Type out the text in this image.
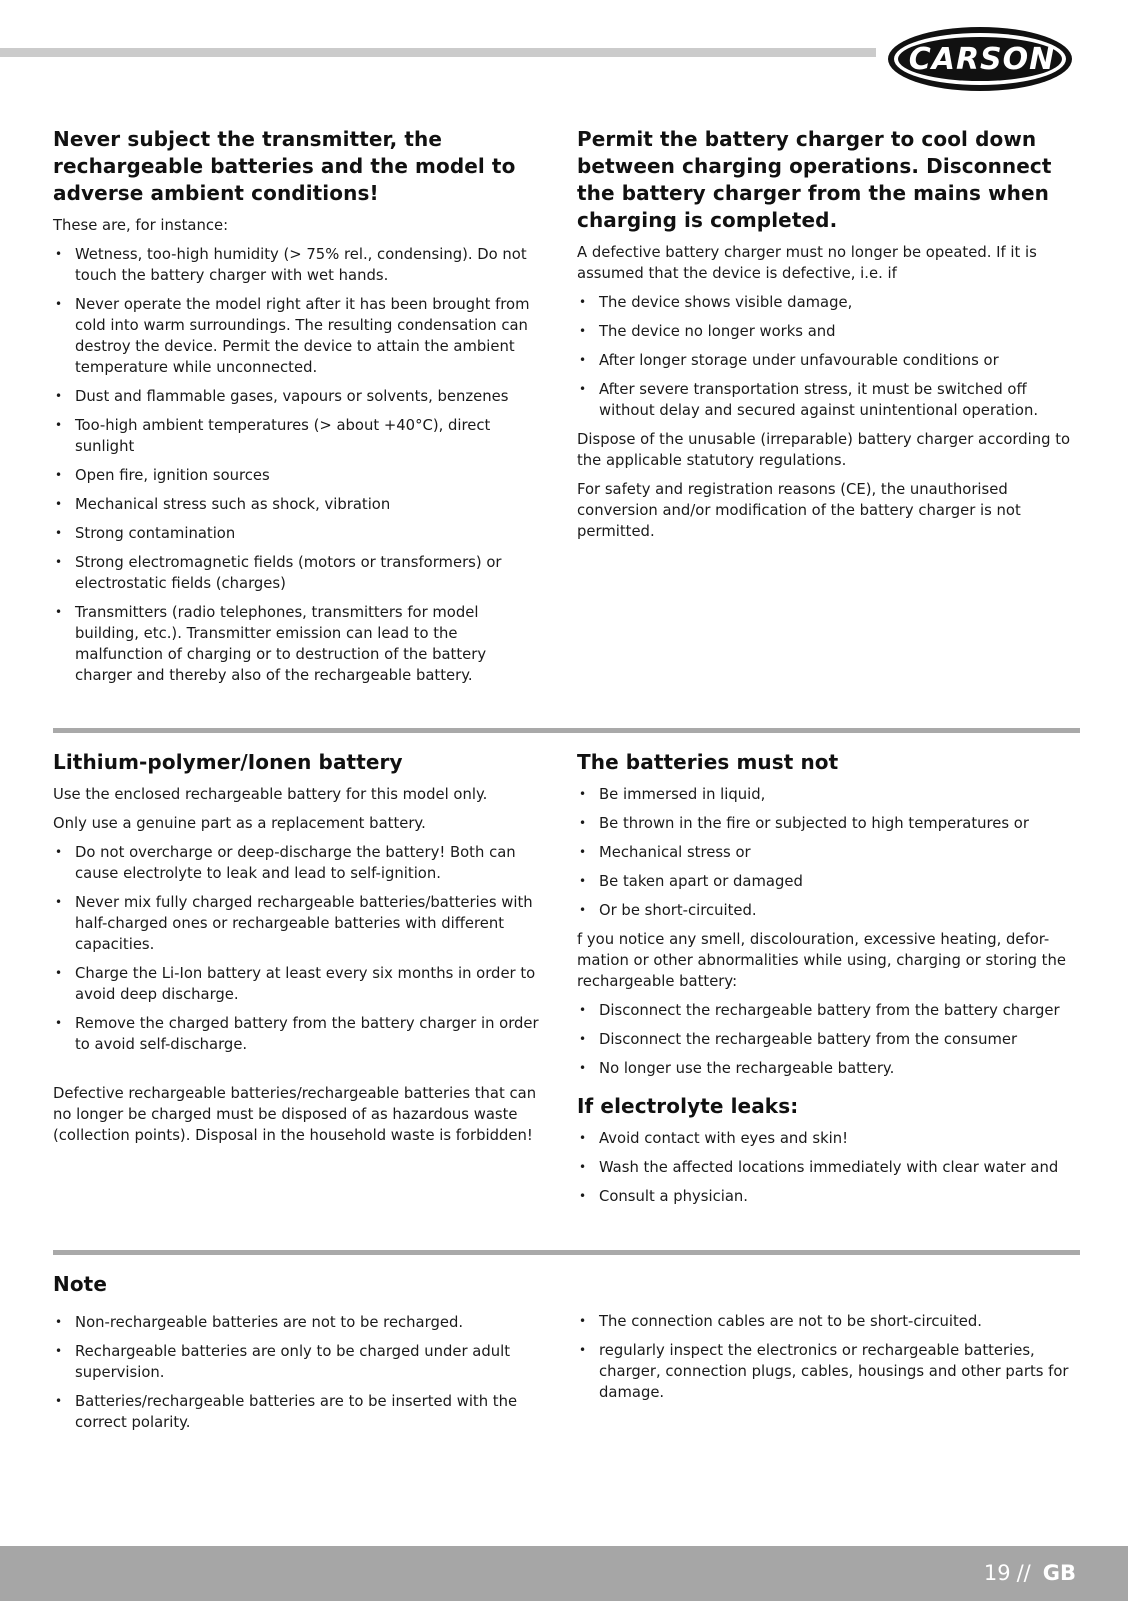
CARSON
Never subject the transmitter, the rechargeable batteries and the model to adverse ambient conditions!

These are, for instance:

• Wetness, too-high humidity (> 75% rel., condensing). Do not touch the battery charger with wet hands.
• Never operate the model right after it has been brought from cold into warm surroundings. The resulting condensation can destroy the device. Permit the device to attain the ambient temperature while unconnected.
• Dust and flammable gases, vapours or solvents, benzenes
• Too-high ambient temperatures (> about +40°C), direct sunlight
• Open fire, ignition sources
• Mechanical stress such as shock, vibration
• Strong contamination
• Strong electromagnetic fields (motors or transformers) or electrostatic fields (charges)
• Transmitters (radio telephones, transmitters for model building, etc.). Transmitter emission can lead to the malfunction of charging or to destruction of the battery charger and thereby also of the rechargeable battery.
Permit the battery charger to cool down between charging operations. Disconnect the battery charger from the mains when charging is completed.

A defective battery charger must no longer be opeated. If it is assumed that the device is defective, i.e. if

• The device shows visible damage,
• The device no longer works and
• After longer storage under unfavourable conditions or
• After severe transportation stress, it must be switched off without delay and secured against unintentional operation.

Dispose of the unusable (irreparable) battery charger according to the applicable statutory regulations.

For safety and registration reasons (CE), the unauthorised conversion and/or modification of the battery charger is not permitted.

Lithium-polymer/Ionen battery

Use the enclosed rechargeable battery for this model only.

Only use a genuine part as a replacement battery.

• Do not overcharge or deep-discharge the battery! Both can cause electrolyte to leak and lead to self-ignition.
• Never mix fully charged rechargeable batteries/batteries with half-charged ones or rechargeable batteries with different capacities.
• Charge the Li-Ion battery at least every six months in order to avoid deep discharge.
• Remove the charged battery from the battery charger in order to avoid self-discharge.

Defective rechargeable batteries/rechargeable batteries that can no longer be charged must be disposed of as hazardous waste (collection points). Disposal in the household waste is forbidden!

The batteries must not
• Be immersed in liquid,
• Be thrown in the fire or subjected to high temperatures or
• Mechanical stress or
• Be taken apart or damaged
• Or be short-circuited.

f you notice any smell, discolouration, excessive heating, defor-mation or other abnormalities while using, charging or storing the rechargeable battery:

• Disconnect the rechargeable battery from the battery charger
• Disconnect the rechargeable battery from the consumer
• No longer use the rechargeable battery.
If electrolyte leaks:
• Avoid contact with eyes and skin!
• Wash the affected locations immediately with clear water and
• Consult a physician.
Note
• Non-rechargeable batteries are not to be recharged.
• Rechargeable batteries are only to be charged under adult supervision.
• Batteries/rechargeable batteries are to be inserted with the correct polarity.
• The connection cables are not to be short-circuited.
• regularly inspect the electronics or rechargeable batteries, charger, connection plugs, cables, housings and other parts for damage.
19 // GB
